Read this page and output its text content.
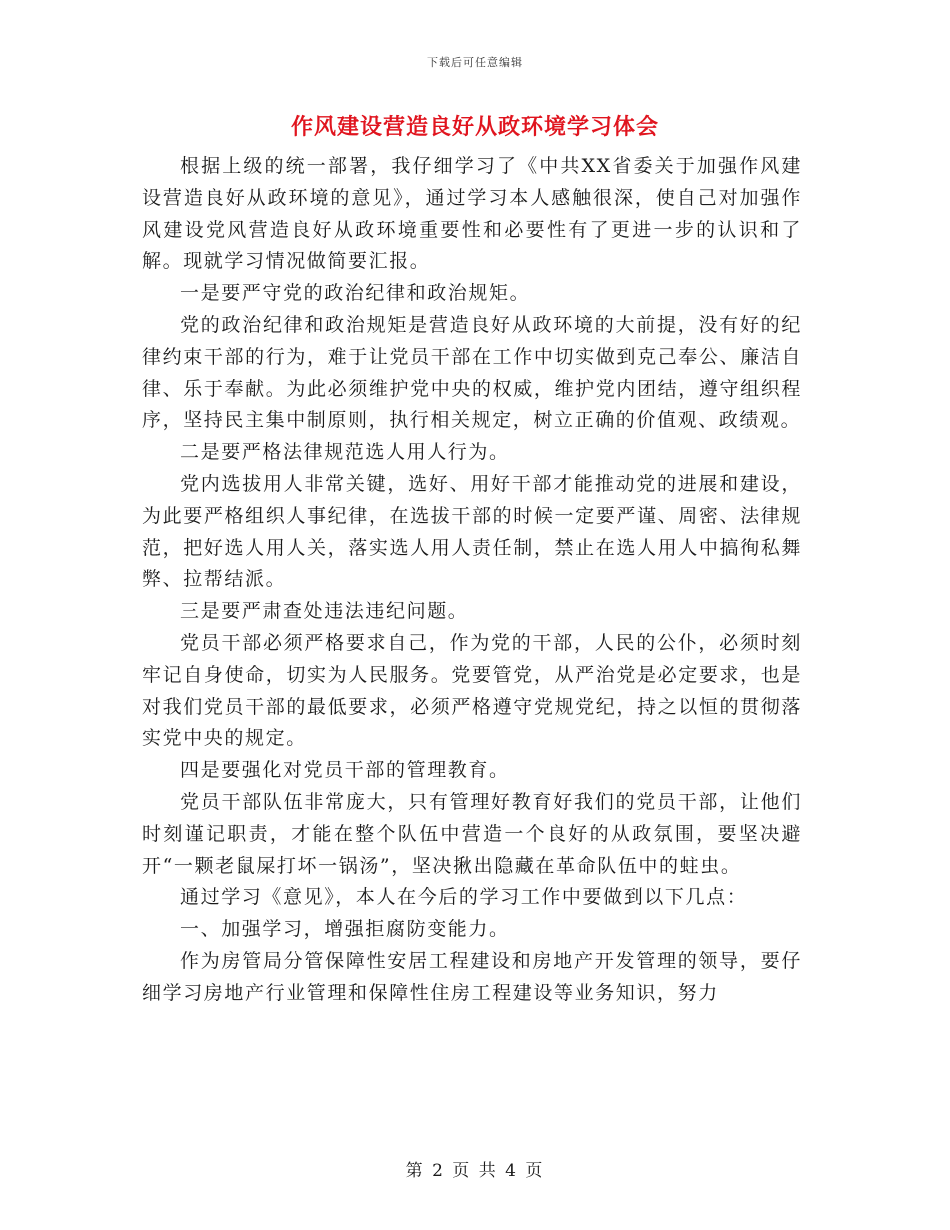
下载后可任意编辑
作风建设营造良好从政环境学习体会

根据上级的统一部署，我仔细学习了《中共XX省委关于加强作风建设营造良好从政环境的意见》，通过学习本人感触很深，使自己对加强作风建设党风营造良好从政环境重要性和必要性有了更进一步的认识和了解。现就学习情况做简要汇报。

一是要严守党的政治纪律和政治规矩。

党的政治纪律和政治规矩是营造良好从政环境的大前提，没有好的纪律约束干部的行为，难于让党员干部在工作中切实做到克己奉公、廉洁自律、乐于奉献。为此必须维护党中央的权威，维护党内团结，遵守组织程序，坚持民主集中制原则，执行相关规定，树立正确的价值观、政绩观。

二是要严格法律规范选人用人行为。

党内选拔用人非常关键，选好、用好干部才能推动党的进展和建设，为此要严格组织人事纪律，在选拔干部的时候一定要严谨、周密、法律规范，把好选人用人关，落实选人用人责任制，禁止在选人用人中搞徇私舞弊、拉帮结派。

三是要严肃查处违法违纪问题。

党员干部必须严格要求自己，作为党的干部，人民的公仆，必须时刻牢记自身使命，切实为人民服务。党要管党，从严治党是必定要求，也是对我们党员干部的最低要求，必须严格遵守党规党纪，持之以恒的贯彻落实党中央的规定。

四是要强化对党员干部的管理教育。

党员干部队伍非常庞大，只有管理好教育好我们的党员干部，让他们时刻谨记职责，才能在整个队伍中营造一个良好的从政氛围，要坚决避开“一颗老鼠屎打坏一锅汤”，坚决揪出隐藏在革命队伍中的蛀虫。

通过学习《意见》，本人在今后的学习工作中要做到以下几点：

一、加强学习，增强拒腐防变能力。

作为房管局分管保障性安居工程建设和房地产开发管理的领导，要仔细学习房地产行业管理和保障性住房工程建设等业务知识，努力

第 2 页 共 4 页
